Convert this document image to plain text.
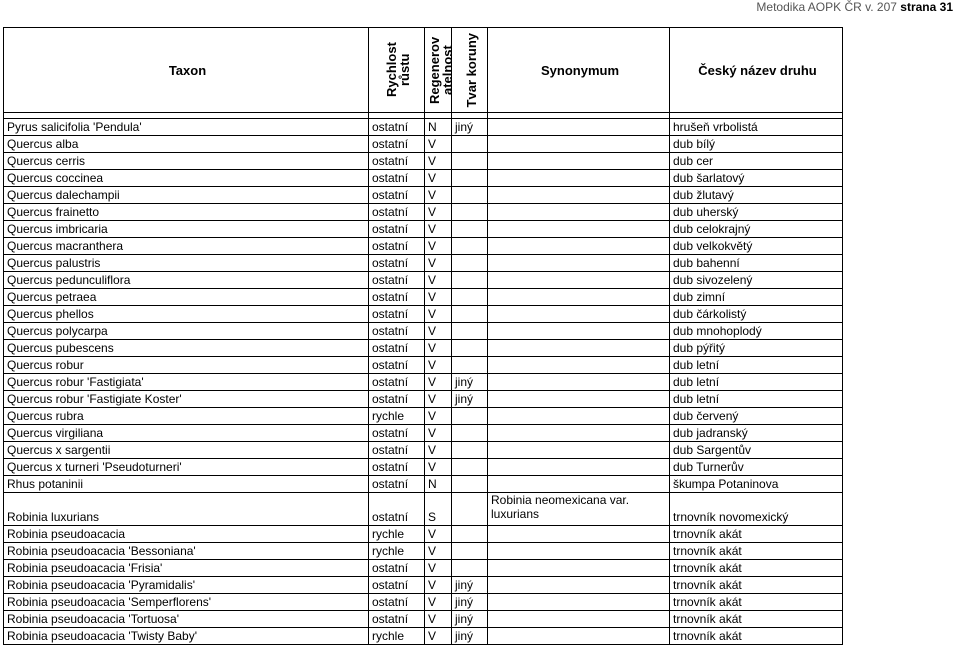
Metodika AOPK ČR v. 207 strana 31
Taxon	Rychlost růstu	Regenerov atelnost	Tvar koruny	Synonymum	Český název druhu

Pyrus salicifolia 'Pendula'	ostatní	N	jiný		hrušeň vrbolistá
Quercus alba	ostatní	V			dub bílý
Quercus cerris	ostatní	V			dub cer
Quercus coccinea	ostatní	V			dub šarlatový
Quercus dalechampii	ostatní	V			dub žlutavý
Quercus frainetto	ostatní	V			dub uherský
Quercus imbricaria	ostatní	V			dub celokrajný
Quercus macranthera	ostatní	V			dub velkokvětý
Quercus palustris	ostatní	V			dub bahenní
Quercus pedunculiflora	ostatní	V			dub sivozelený
Quercus petraea	ostatní	V			dub zimní
Quercus phellos	ostatní	V			dub čárkolistý
Quercus polycarpa	ostatní	V			dub mnohoplodý
Quercus pubescens	ostatní	V			dub pýřitý
Quercus robur	ostatní	V			dub letní
Quercus robur 'Fastigiata'	ostatní	V	jiný		dub letní
Quercus robur 'Fastigiate Koster'	ostatní	V	jiný		dub letní
Quercus rubra	rychle	V			dub červený
Quercus virgiliana	ostatní	V			dub jadranský
Quercus x sargentii	ostatní	V			dub Sargentův
Quercus x turneri 'Pseudoturneri'	ostatní	V			dub Turnerův
Rhus potaninii	ostatní	N			škumpa Potaninova
Robinia luxurians	ostatní	S		Robinia neomexicana var. luxurians	trnovník novomexický
Robinia pseudoacacia	rychle	V			trnovník akát
Robinia pseudoacacia 'Bessoniana'	rychle	V			trnovník akát
Robinia pseudoacacia 'Frisia'	ostatní	V			trnovník akát
Robinia pseudoacacia 'Pyramidalis'	ostatní	V	jiný		trnovník akát
Robinia pseudoacacia 'Semperflorens'	ostatní	V	jiný		trnovník akát
Robinia pseudoacacia 'Tortuosa'	ostatní	V	jiný		trnovník akát
Robinia pseudoacacia 'Twisty Baby'	rychle	V	jiný		trnovník akát
